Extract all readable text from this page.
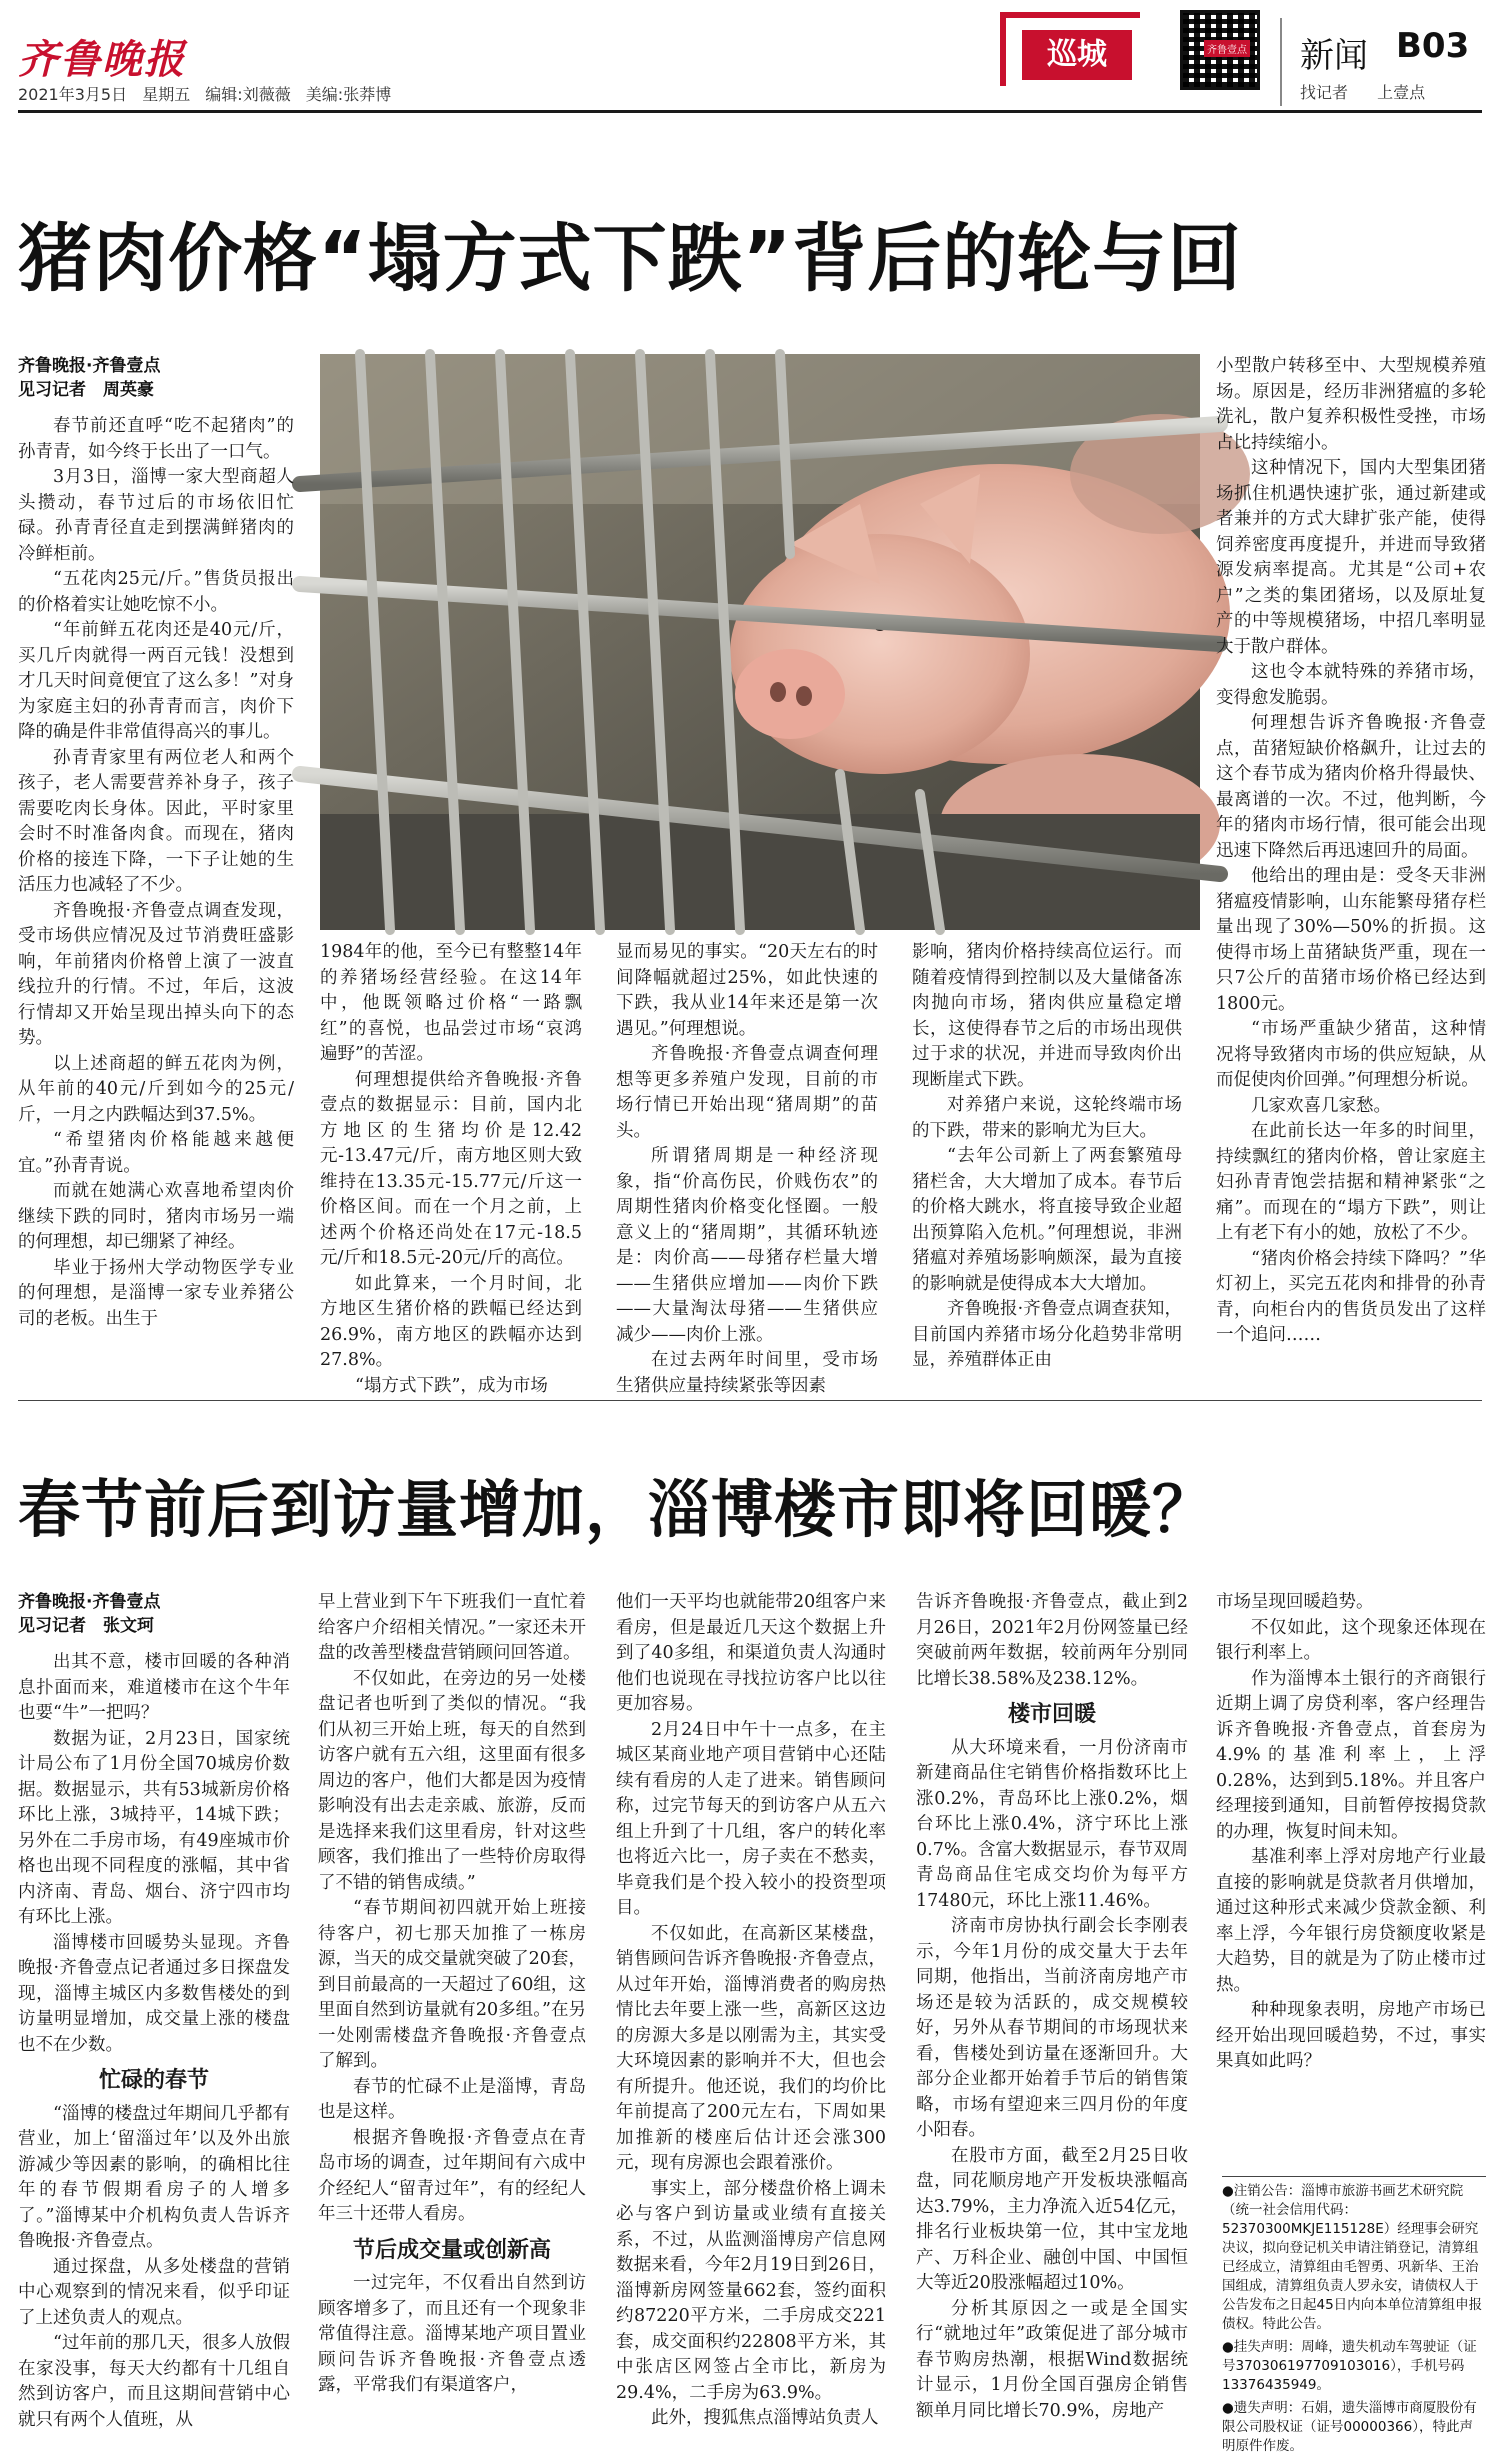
齐鲁晚报
2021年3月5日 星期五 编辑:刘薇薇 美编:张莽博
巡城	齐鲁壹点 新闻 B03
找记者 上壹点
猪肉价格“塌方式下跌”背后的轮与回
齐鲁晚报·齐鲁壹点
见习记者　周英豪

春节前还直呼“吃不起猪肉”的孙青青，如今终于长出了一口气。

3月3日，淄博一家大型商超人头攒动，春节过后的市场依旧忙碌。孙青青径直走到摆满鲜猪肉的冷鲜柜前。

“五花肉25元/斤。”售货员报出的价格着实让她吃惊不小。

“年前鲜五花肉还是40元/斤，买几斤肉就得一两百元钱！没想到才几天时间竟便宜了这么多！”对身为家庭主妇的孙青青而言，肉价下降的确是件非常值得高兴的事儿。

孙青青家里有两位老人和两个孩子，老人需要营养补身子，孩子需要吃肉长身体。因此，平时家里会时不时准备肉食。而现在，猪肉价格的接连下降，一下子让她的生活压力也减轻了不少。

齐鲁晚报·齐鲁壹点调查发现，受市场供应情况及过节消费旺盛影响，年前猪肉价格曾上演了一波直线拉升的行情。不过，年后，这波行情却又开始呈现出掉头向下的态势。

以上述商超的鲜五花肉为例，从年前的40元/斤到如今的25元/斤，一月之内跌幅达到37.5%。

“希望猪肉价格能越来越便宜。”孙青青说。

而就在她满心欢喜地希望肉价继续下跌的同时，猪肉市场另一端的何理想，却已绷紧了神经。

毕业于扬州大学动物医学专业的何理想，是淄博一家专业养猪公司的老板。出生于

1984年的他，至今已有整整14年的养猪场经营经验。在这14年中，他既领略过价格“一路飘红”的喜悦，也品尝过市场“哀鸿遍野”的苦涩。

何理想提供给齐鲁晚报·齐鲁壹点的数据显示：目前，国内北方地区的生猪均价是12.42元-13.47元/斤，南方地区则大致维持在13.35元-15.77元/斤这一价格区间。而在一个月之前，上述两个价格还尚处在17元-18.5元/斤和18.5元-20元/斤的高位。

如此算来，一个月时间，北方地区生猪价格的跌幅已经达到26.9%，南方地区的跌幅亦达到27.8%。

“塌方式下跌”，成为市场

显而易见的事实。“20天左右的时间降幅就超过25%，如此快速的下跌，我从业14年来还是第一次遇见。”何理想说。

齐鲁晚报·齐鲁壹点调查何理想等更多养殖户发现，目前的市场行情已开始出现“猪周期”的苗头。

所谓猪周期是一种经济现象，指“价高伤民，价贱伤农”的周期性猪肉价格变化怪圈。一般意义上的“猪周期”，其循环轨迹是：肉价高——母猪存栏量大增——生猪供应增加——肉价下跌——大量淘汰母猪——生猪供应减少——肉价上涨。

在过去两年时间里，受市场生猪供应量持续紧张等因素

影响，猪肉价格持续高位运行。而随着疫情得到控制以及大量储备冻肉抛向市场，猪肉供应量稳定增长，这使得春节之后的市场出现供过于求的状况，并进而导致肉价出现断崖式下跌。

对养猪户来说，这轮终端市场的下跌，带来的影响尤为巨大。

“去年公司新上了两套繁殖母猪栏舍，大大增加了成本。春节后的价格大跳水，将直接导致企业超出预算陷入危机。”何理想说，非洲猪瘟对养殖场影响颇深，最为直接的影响就是使得成本大大增加。

齐鲁晚报·齐鲁壹点调查获知，目前国内养猪市场分化趋势非常明显，养殖群体正由

小型散户转移至中、大型规模养殖场。原因是，经历非洲猪瘟的多轮洗礼，散户复养积极性受挫，市场占比持续缩小。

这种情况下，国内大型集团猪场抓住机遇快速扩张，通过新建或者兼并的方式大肆扩张产能，使得饲养密度再度提升，并进而导致猪源发病率提高。尤其是“公司+农户”之类的集团猪场，以及原址复产的中等规模猪场，中招几率明显大于散户群体。

这也令本就特殊的养猪市场，变得愈发脆弱。

何理想告诉齐鲁晚报·齐鲁壹点，苗猪短缺价格飙升，让过去的这个春节成为猪肉价格升得最快、最离谱的一次。不过，他判断，今年的猪肉市场行情，很可能会出现迅速下降然后再迅速回升的局面。

他给出的理由是：受冬天非洲猪瘟疫情影响，山东能繁母猪存栏量出现了30%—50%的折损。这使得市场上苗猪缺货严重，现在一只7公斤的苗猪市场价格已经达到1800元。

“市场严重缺少猪苗，这种情况将导致猪肉市场的供应短缺，从而促使肉价回弹。”何理想分析说。

几家欢喜几家愁。

在此前长达一年多的时间里，持续飘红的猪肉价格，曾让家庭主妇孙青青饱尝拮据和精神紧张“之痛”。而现在的“塌方下跌”，则让上有老下有小的她，放松了不少。

“猪肉价格会持续下降吗？”华灯初上，买完五花肉和排骨的孙青青，向柜台内的售货员发出了这样一个追问……

春节前后到访量增加，淄博楼市即将回暖？
齐鲁晚报·齐鲁壹点
见习记者　张文珂

出其不意，楼市回暖的各种消息扑面而来，难道楼市在这个牛年也要“牛”一把吗？

数据为证，2月23日，国家统计局公布了1月份全国70城房价数据。数据显示，共有53城新房价格环比上涨，3城持平，14城下跌；另外在二手房市场，有49座城市价格也出现不同程度的涨幅，其中省内济南、青岛、烟台、济宁四市均有环比上涨。

淄博楼市回暖势头显现。齐鲁晚报·齐鲁壹点记者通过多日探盘发现，淄博主城区内多数售楼处的到访量明显增加，成交量上涨的楼盘也不在少数。

忙碌的春节

“淄博的楼盘过年期间几乎都有营业，加上‘留淄过年’以及外出旅游减少等因素的影响，的确相比往年的春节假期看房子的人增多了。”淄博某中介机构负责人告诉齐鲁晚报·齐鲁壹点。

通过探盘，从多处楼盘的营销中心观察到的情况来看，似乎印证了上述负责人的观点。

“过年前的那几天，很多人放假在家没事，每天大约都有十几组自然到访客户，而且这期间营销中心就只有两个人值班，从

早上营业到下午下班我们一直忙着给客户介绍相关情况。”一家还未开盘的改善型楼盘营销顾问回答道。

不仅如此，在旁边的另一处楼盘记者也听到了类似的情况。“我们从初三开始上班，每天的自然到访客户就有五六组，这里面有很多周边的客户，他们大都是因为疫情影响没有出去走亲戚、旅游，反而是选择来我们这里看房，针对这些顾客，我们推出了一些特价房取得了不错的销售成绩。”

“春节期间初四就开始上班接待客户，初七那天加推了一栋房源，当天的成交量就突破了20套，到目前最高的一天超过了60组，这里面自然到访量就有20多组。”在另一处刚需楼盘齐鲁晚报·齐鲁壹点了解到。

春节的忙碌不止是淄博，青岛也是这样。

根据齐鲁晚报·齐鲁壹点在青岛市场的调查，过年期间有六成中介经纪人“留青过年”，有的经纪人年三十还带人看房。

节后成交量或创新高

一过完年，不仅看出自然到访顾客增多了，而且还有一个现象非常值得注意。淄博某地产项目置业顾问告诉齐鲁晚报·齐鲁壹点透露，平常我们有渠道客户，

他们一天平均也就能带20组客户来看房，但是最近几天这个数据上升到了40多组，和渠道负责人沟通时他们也说现在寻找拉访客户比以往更加容易。

2月24日中午十一点多，在主城区某商业地产项目营销中心还陆续有看房的人走了进来。销售顾问称，过完节每天的到访客户从五六组上升到了十几组，客户的转化率也将近六比一，房子卖在不愁卖，毕竟我们是个投入较小的投资型项目。

不仅如此，在高新区某楼盘，销售顾问告诉齐鲁晚报·齐鲁壹点，从过年开始，淄博消费者的购房热情比去年要上涨一些，高新区这边的房源大多是以刚需为主，其实受大环境因素的影响并不大，但也会有所提升。他还说，我们的均价比年前提高了200元左右，下周如果加推新的楼座后估计还会涨300元，现有房源也会跟着涨价。

事实上，部分楼盘价格上调未必与客户到访量或业绩有直接关系，不过，从监测淄博房产信息网数据来看，今年2月19日到26日，淄博新房网签量662套，签约面积约87220平方米，二手房成交221套，成交面积约22808平方米，其中张店区网签占全市比，新房为29.4%，二手房为63.9%。

此外，搜狐焦点淄博站负责人

告诉齐鲁晚报·齐鲁壹点，截止到2月26日，2021年2月份网签量已经突破前两年数据，较前两年分别同比增长38.58%及238.12%。

楼市回暖

从大环境来看，一月份济南市新建商品住宅销售价格指数环比上涨0.2%，青岛环比上涨0.2%，烟台环比上涨0.4%，济宁环比上涨0.7%。含富大数据显示，春节双周青岛商品住宅成交均价为每平方17480元，环比上涨11.46%。

济南市房协执行副会长李刚表示，今年1月份的成交量大于去年同期，他指出，当前济南房地产市场还是较为活跃的，成交规模较好，另外从春节期间的市场现状来看，售楼处到访量在逐渐回升。大部分企业都开始着手节后的销售策略，市场有望迎来三四月份的年度小阳春。

在股市方面，截至2月25日收盘，同花顺房地产开发板块涨幅高达3.79%，主力净流入近54亿元，排名行业板块第一位，其中宝龙地产、万科企业、融创中国、中国恒大等近20股涨幅超过10%。

分析其原因之一或是全国实行“就地过年”政策促进了部分城市春节购房热潮，根据Wind数据统计显示，1月份全国百强房企销售额单月同比增长70.9%，房地产

市场呈现回暖趋势。

不仅如此，这个现象还体现在银行利率上。

作为淄博本土银行的齐商银行近期上调了房贷利率，客户经理告诉齐鲁晚报·齐鲁壹点，首套房为4.9%的基准利率上，上浮0.28%，达到到5.18%。并且客户经理接到通知，目前暂停按揭贷款的办理，恢复时间未知。

基准利率上浮对房地产行业最直接的影响就是贷款者月供增加，通过这种形式来减少贷款金额、利率上浮，今年银行房贷额度收紧是大趋势，目的就是为了防止楼市过热。

种种现象表明，房地产市场已经开始出现回暖趋势，不过，事实果真如此吗？

●注销公告：淄博市旅游书画艺术研究院（统一社会信用代码：52370300MKJE115128E）经理事会研究决议，拟向登记机关申请注销登记，清算组已经成立，清算组由毛智勇、巩新华、王治国组成，清算组负责人罗永安，请债权人于公告发布之日起45日内向本单位清算组申报债权。特此公告。

●挂失声明：周峰，遗失机动车驾驶证（证号370306197709103016），手机号码13376435949。

●遗失声明：石娟，遗失淄博市商厦股份有限公司股权证（证号00000366），特此声明原件作废。
